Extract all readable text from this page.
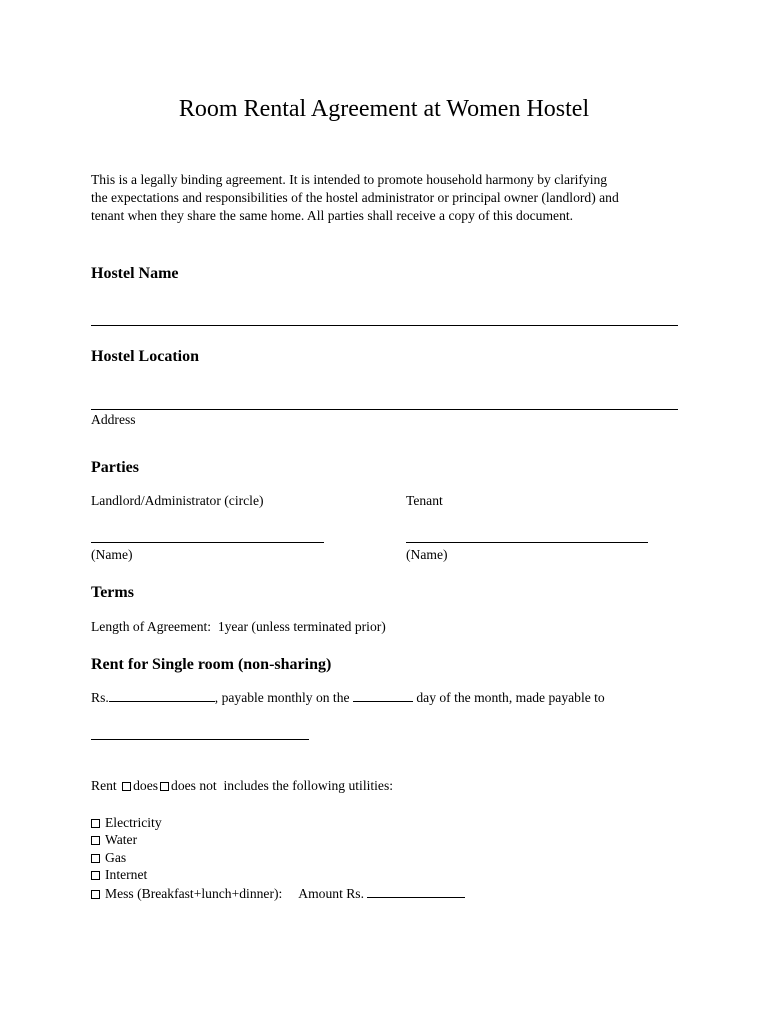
Room Rental Agreement at Women Hostel
This is a legally binding agreement. It is intended to promote household harmony by clarifying
the expectations and responsibilities of the hostel administrator or principal owner (landlord) and
tenant when they share the same home. All parties shall receive a copy of this document.
Hostel Name
Hostel Location
Address
Parties
Landlord/Administrator (circle)	Tenant
(Name)	(Name)
Terms
Length of Agreement:  1year (unless terminated prior)
Rent for Single room (non-sharing)
Rs.	, payable monthly on the	day of the month, made payable to
Rent does does not  includes the following utilities:
Electricity
Water
Gas
Internet
Mess (Breakfast+lunch+dinner): Amount Rs.
